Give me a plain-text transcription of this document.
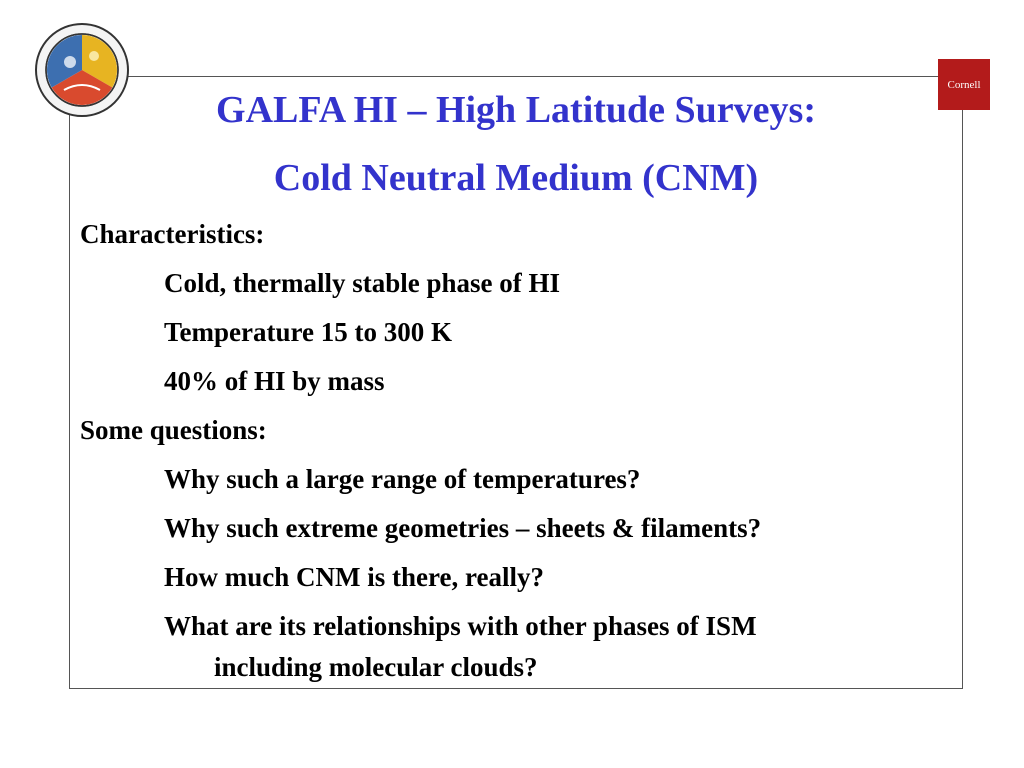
Cornell
GALFA HI – High Latitude Surveys:
Cold Neutral Medium (CNM)
Characteristics:
Cold, thermally stable phase of HI
Temperature 15 to 300 K
40% of HI by mass
Some questions:
Why such a large range of temperatures?
Why such extreme geometries – sheets & filaments?
How much CNM is there, really?
What are its relationships with other phases of ISM
including molecular clouds?
